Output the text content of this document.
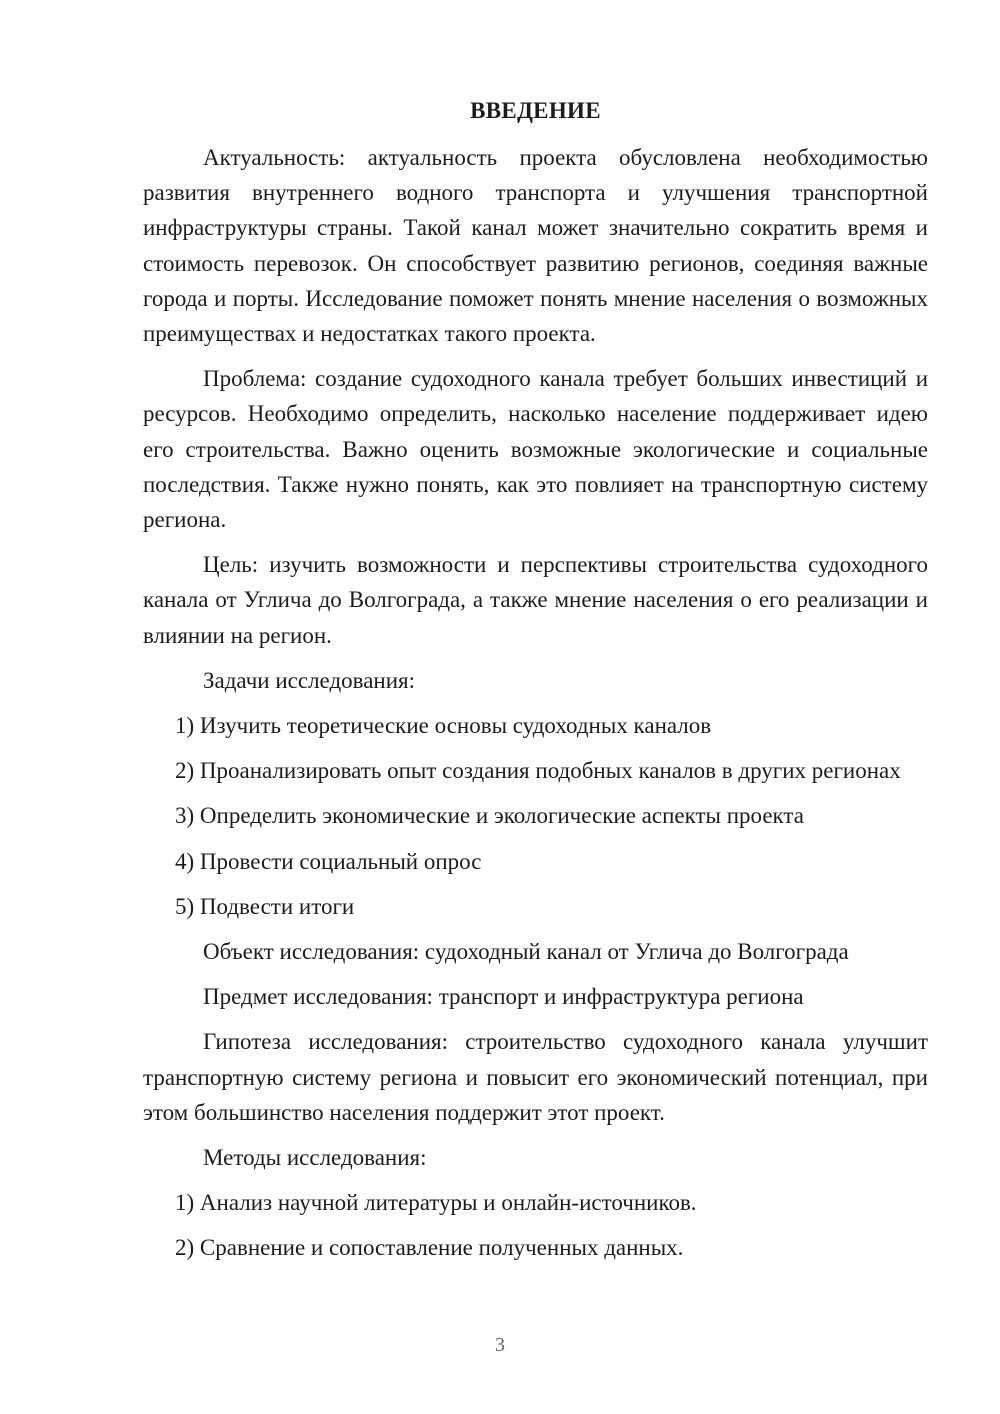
ВВЕДЕНИЕ

Актуальность: актуальность проекта обусловлена необходимостью развития внутреннего водного транспорта и улучшения транспортной инфраструктуры страны. Такой канал может значительно сократить время и стоимость перевозок. Он способствует развитию регионов, соединяя важные города и порты. Исследование поможет понять мнение населения о возможных преимуществах и недостатках такого проекта.

Проблема: создание судоходного канала требует больших инвестиций и ресурсов. Необходимо определить, насколько население поддерживает идею его строительства. Важно оценить возможные экологические и социальные последствия. Также нужно понять, как это повлияет на транспортную систему региона.

Цель: изучить возможности и перспективы строительства судоходного канала от Углича до Волгограда, а также мнение населения о его реализации и влиянии на регион.

Задачи исследования:

1) Изучить теоретические основы судоходных каналов

2) Проанализировать опыт создания подобных каналов в других регионах

3) Определить экономические и экологические аспекты проекта

4) Провести социальный опрос

5) Подвести итоги

Объект исследования: судоходный канал от Углича до Волгограда

Предмет исследования: транспорт и инфраструктура региона

Гипотеза исследования: строительство судоходного канала улучшит транспортную систему региона и повысит его экономический потенциал, при этом большинство населения поддержит этот проект.

Методы исследования:

1) Анализ научной литературы и онлайн-источников.

2) Сравнение и сопоставление полученных данных.

3
